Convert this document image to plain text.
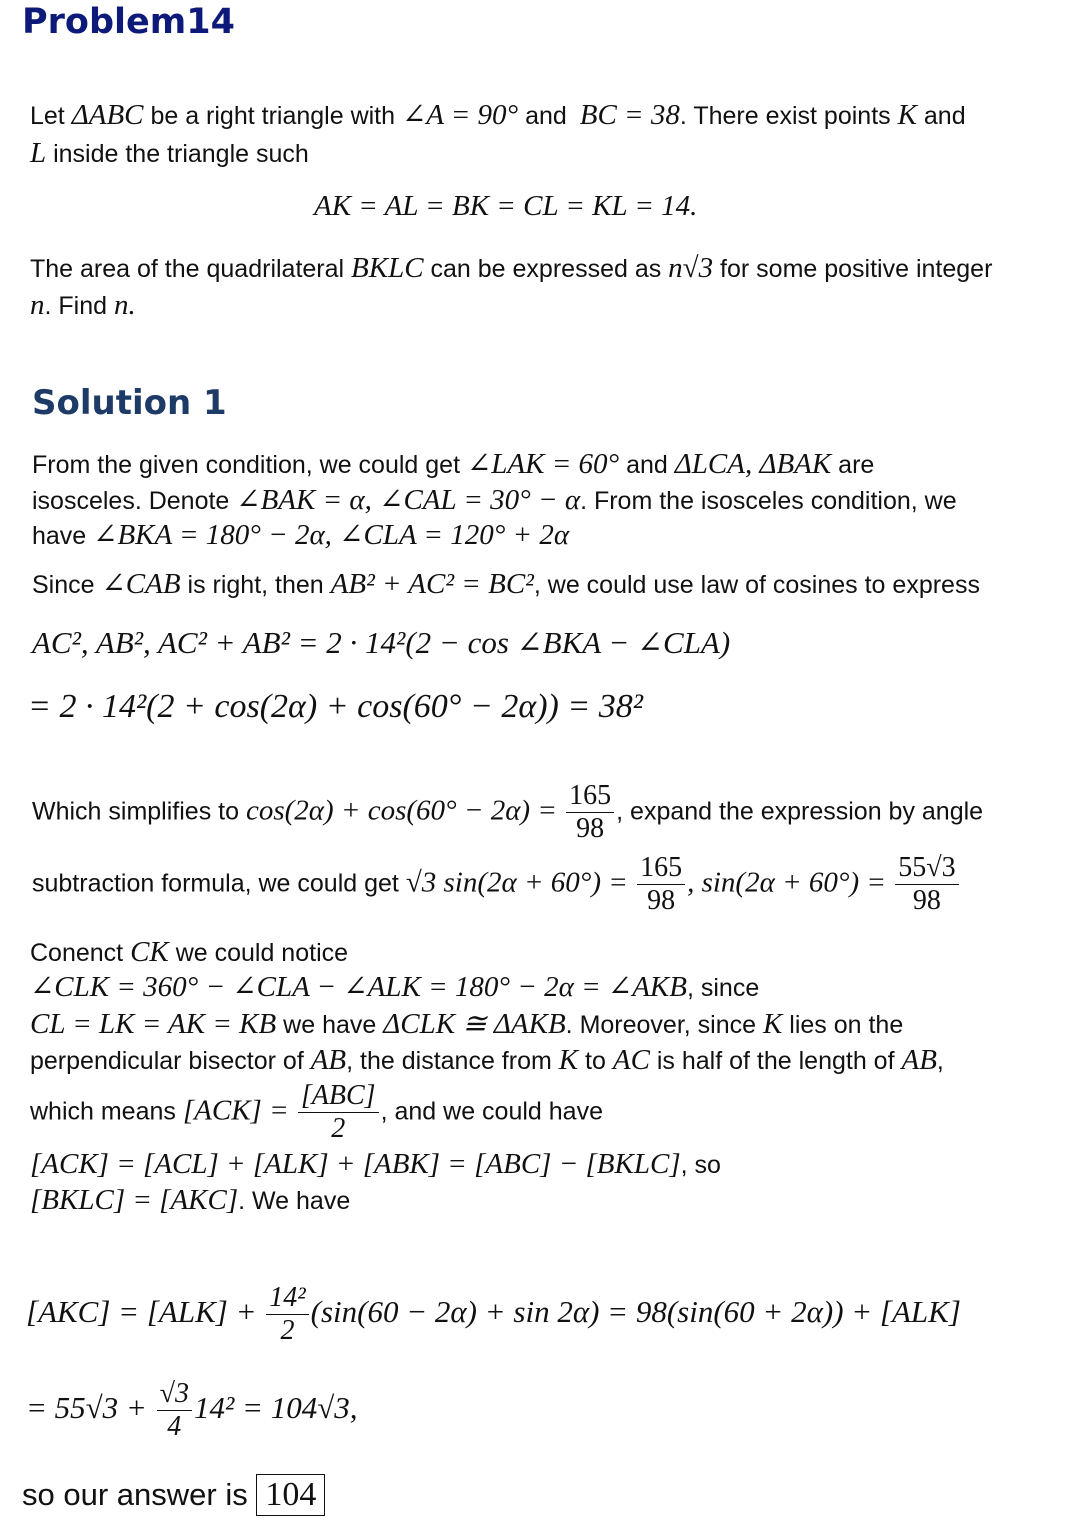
Problem14
Let ΔABC be a right triangle with ∠A = 90° and BC = 38. There exist points K and
L inside the triangle such
AK = AL = BK = CL = KL = 14.
The area of the quadrilateral BKLC can be expressed as n√3 for some positive integer
n. Find n.
Solution 1
From the given condition, we could get ∠LAK = 60° and ΔLCA, ΔBAK are
isosceles. Denote ∠BAK = α, ∠CAL = 30° − α. From the isosceles condition, we
have ∠BKA = 180° − 2α, ∠CLA = 120° + 2α
Since ∠CAB is right, then AB² + AC² = BC², we could use law of cosines to express
AC², AB², AC² + AB² = 2 · 14²(2 − cos ∠BKA − ∠CLA)
= 2 · 14²(2 + cos(2α) + cos(60° − 2α)) = 38²
Which simplifies to $\cos(2\alpha) + \cos(60^\circ - 2\alpha) = \frac{165}{98}$ , expand the expression by angle
subtraction formula, we could get √3 $\sin(2\alpha + 60^\circ) = \frac{165}{98}$ , $\sin(2\alpha + 60^\circ) = \frac{55√3}{98}$
Conenct CK we could notice
∠CLK = 360° − ∠CLA − ∠ALK = 180° − 2α = ∠AKB, since
CL = LK = AK = KB we have ΔCLK ≅ ΔAKB. Moreover, since K lies on the
perpendicular bisector of AB, the distance from K to AC is half of the length of AB,
which means $[ACK] = \frac{\text{[ABC]}}{2}$ , and we could have
[ACK] = [ACL] + [ALK] + [ABK] = [ABC] − [BKLC], so
[BKLC] = [AKC]. We have
$[AKC] = [ALK] + \frac{\text{14²}}{2} (\sin(60 - 2\alpha) + \sin 2\alpha) = 98(\sin(60 + 2\alpha)) + [ALK]$
= $55√3 + \frac{√3}{4} 14^2 = 104√3$,
so our answer is 104
